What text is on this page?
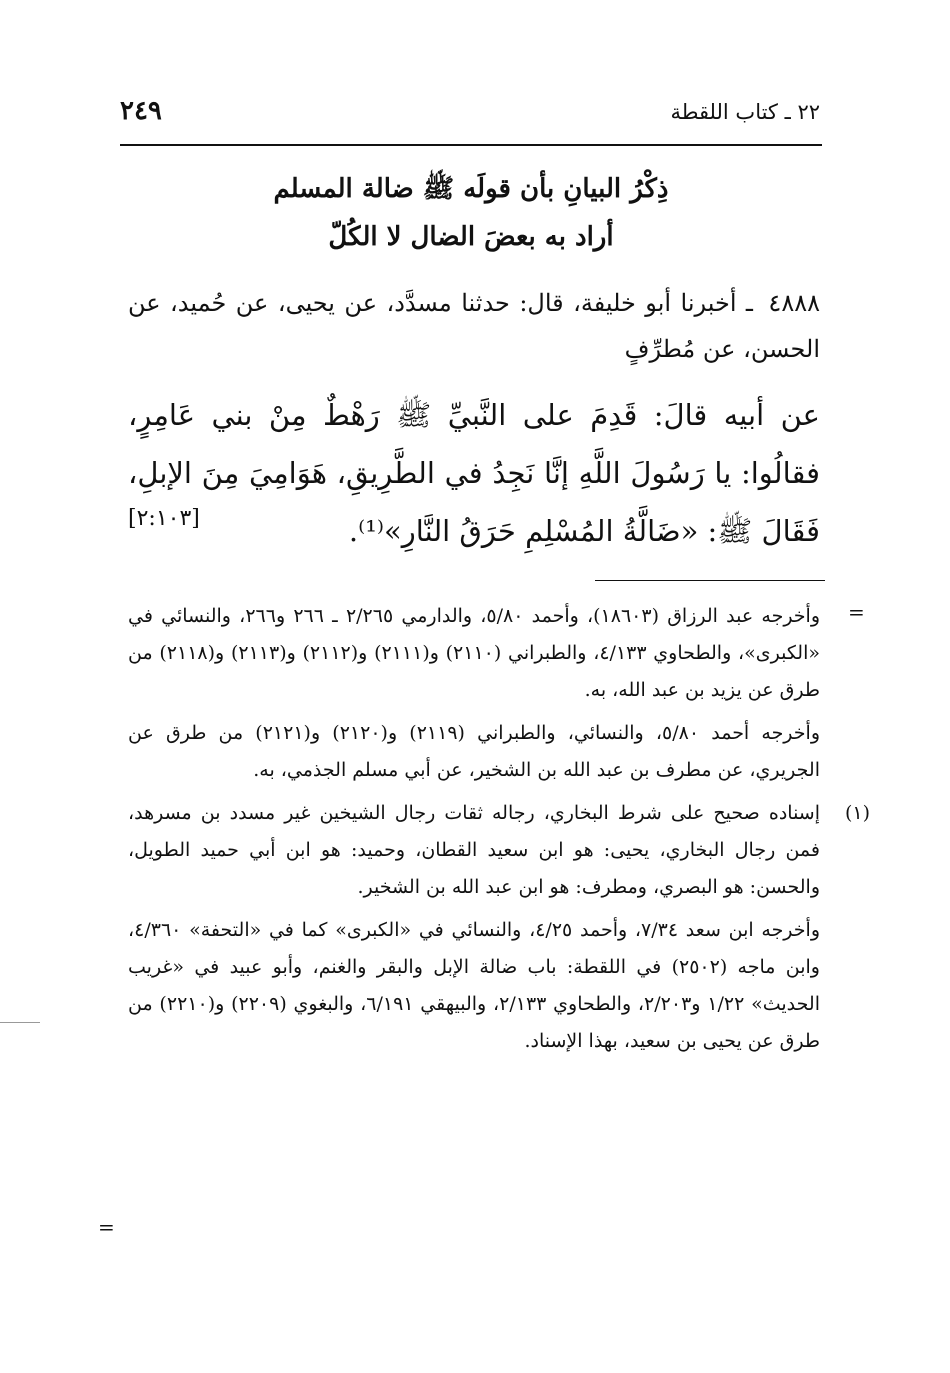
٢٢ ـ كتاب اللقطة
٢٤٩
ذِكْرُ البيانِ بأن قولَه ﷺ ضالة المسلم
أراد به بعضَ الضال لا الكُلّ
٤٨٨٨ ـ أخبرنا أبو خليفة، قال: حدثنا مسدَّد، عن يحيى، عن حُميد، عن الحسن، عن مُطرِّفٍ
عن أبيه قالَ: قَدِمَ على النَّبيِّ ﷺ رَهْطٌ مِنْ بني عَامِرٍ، فقالُوا: يا رَسُولَ اللَّهِ إنَّا نَجِدُ في الطَّرِيقِ، هَوَامِيَ مِنَ الإبلِ، فَقَالَ ﷺ: «ضَالَّةُ المُسْلِمِ حَرَقُ النَّارِ»⁽¹⁾.
[٢:١٠٣]
=

وأخرجه عبد الرزاق (١٨٦٠٣)، وأحمد ٥/٨٠، والدارمي ٢/٢٦٥ ـ ٢٦٦ و٢٦٦، والنسائي في «الكبرى»، والطحاوي ٤/١٣٣، والطبراني (٢١١٠) و(٢١١١) و(٢١١٢) و(٢١١٣) و(٢١١٨) من طرق عن يزيد بن عبد الله، به.

وأخرجه أحمد ٥/٨٠، والنسائي، والطبراني (٢١١٩) و(٢١٢٠) و(٢١٢١) من طرق عن الجريري، عن مطرف بن عبد الله بن الشخير، عن أبي مسلم الجذمي، به.

(١)

إسناده صحيح على شرط البخاري، رجاله ثقات رجال الشيخين غير مسدد بن مسرهد، فمن رجال البخاري، يحيى: هو ابن سعيد القطان، وحميد: هو ابن أبي حميد الطويل، والحسن: هو البصري، ومطرف: هو ابن عبد الله بن الشخير.

وأخرجه ابن سعد ٧/٣٤، وأحمد ٤/٢٥، والنسائي في «الكبرى» كما في «التحفة» ٤/٣٦٠، وابن ماجه (٢٥٠٢) في اللقطة: باب ضالة الإبل والبقر والغنم، وأبو عبيد في «غريب الحديث» ١/٢٢ و٢/٢٠٣، والطحاوي ٢/١٣٣، والبيهقي ٦/١٩١، والبغوي (٢٢٠٩) و(٢٢١٠) من طرق عن يحيى بن سعيد، بهذا الإسناد.

=
